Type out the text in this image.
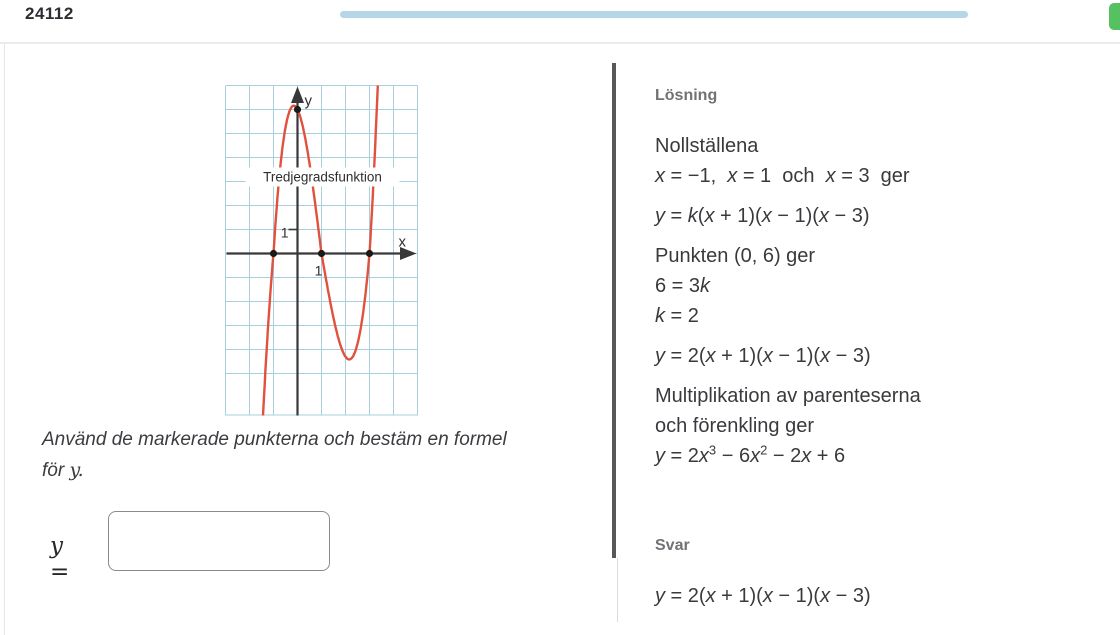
24112
Tredjegradsfunktion
y
x
1
1
Använd de markerade punkterna och bestäm en formel
för y.
y =
Lösning
Nollställena
x = −1,  x = 1  och  x = 3  ger
y = k(x + 1)(x − 1)(x − 3)
Punkten (0, 6) ger
6 = 3k
k = 2
y = 2(x + 1)(x − 1)(x − 3)
Multiplikation av parenteserna
och förenkling ger
$y = 2x^3 - 6x^2 - 2x + 6$
Svar
y = 2(x + 1)(x − 1)(x − 3)
